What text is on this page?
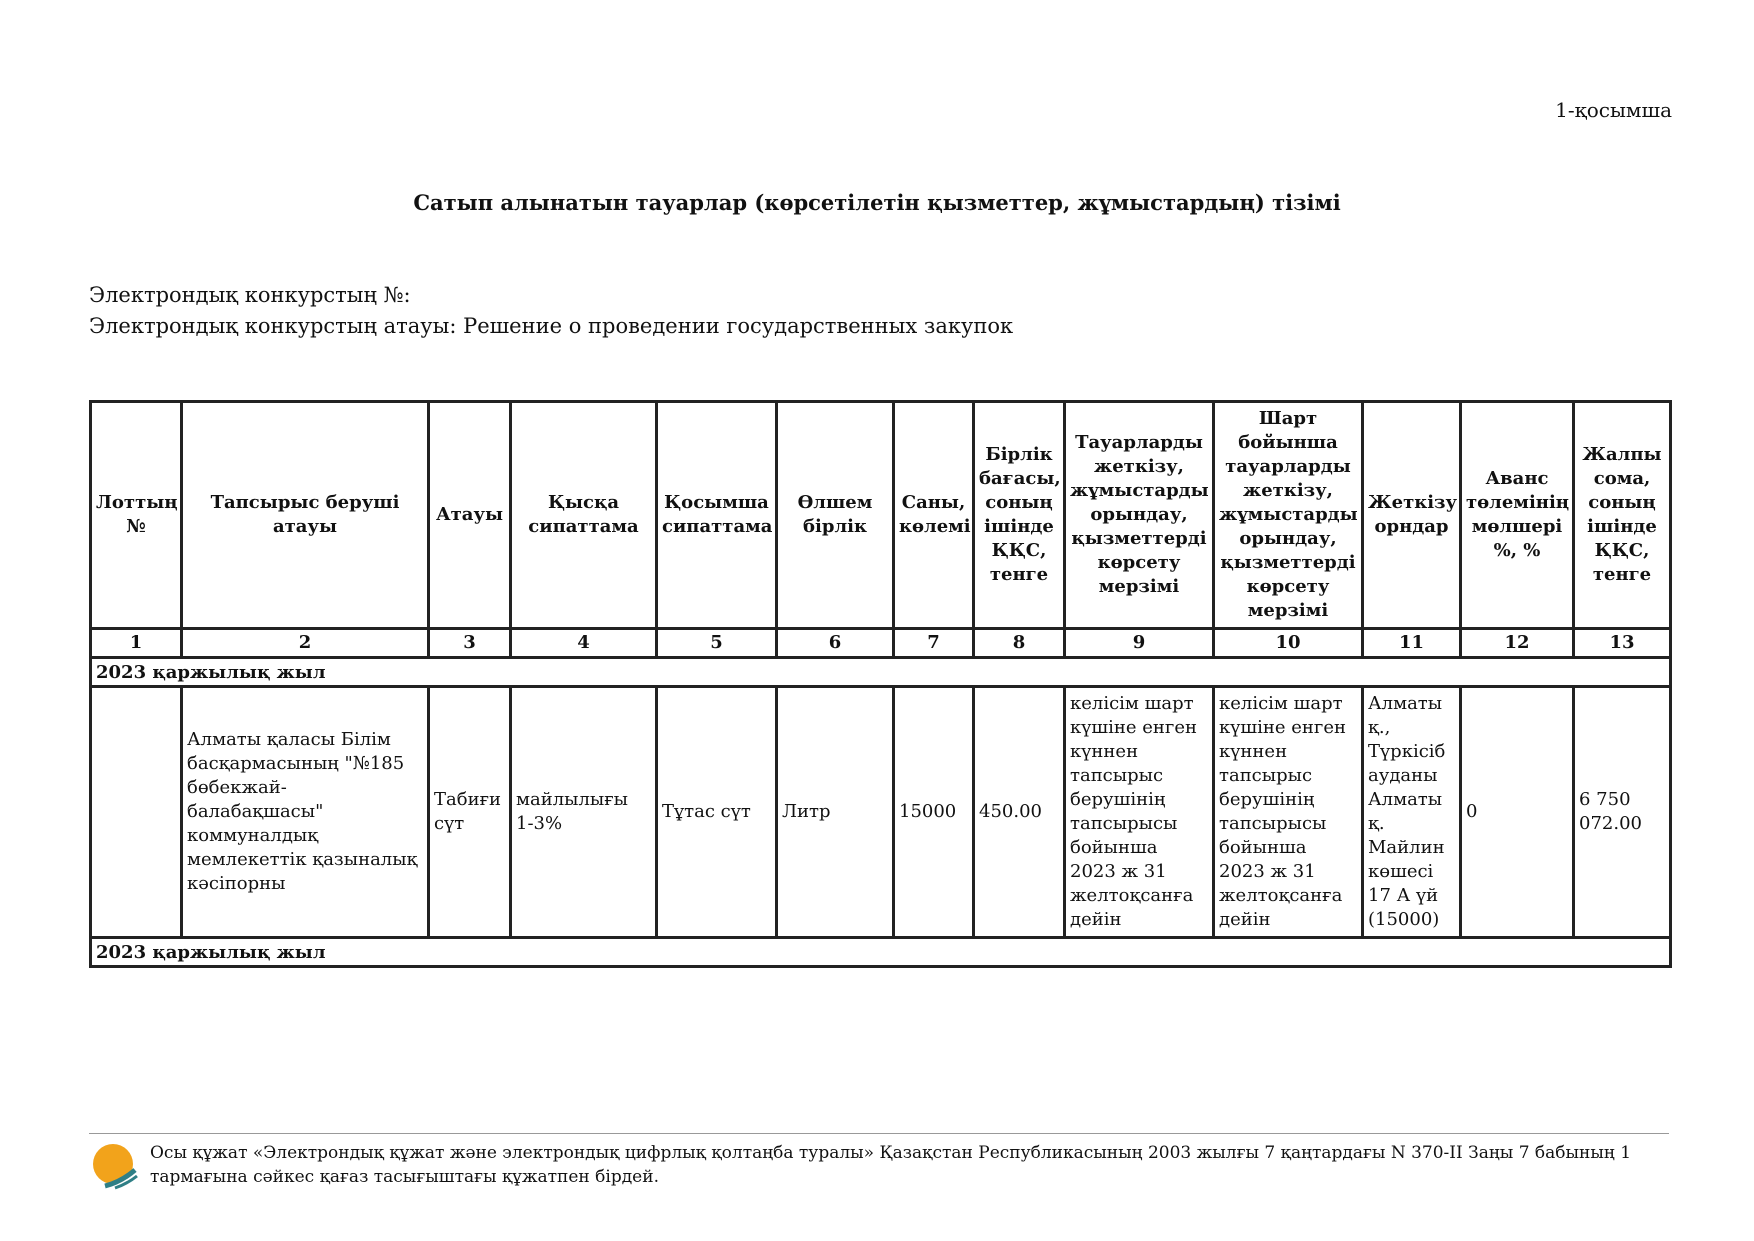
1-қосымша
Сатып алынатын тауарлар (көрсетілетін қызметтер, жұмыстардың) тізімі
Электрондық конкурстың №:
Электрондық конкурстың атауы: Решение о проведении государственных закупок
Лоттың №	Тапсырыс беруші атауы	Атауы	Қысқа сипаттама	Қосымша сипаттама	Өлшем бірлік	Саны, көлемі	Бірлік бағасы, соның ішінде ҚҚС, тенге	Тауарларды жеткізу, жұмыстарды орындау, қызметтерді көрсету мерзімі	Шарт бойынша тауарларды жеткізу, жұмыстарды орындау, қызметтерді көрсету мерзімі	Жеткізу орндар	Аванс төлемінің мөлшері %, %	Жалпы сома, соның ішінде ҚҚС, тенге
1	2	3	4	5	6	7	8	9	10	11	12	13
2023 қаржылық жыл												
	Алматы қаласы Білім басқармасының "№185 бөбекжай-балабақшасы" коммуналдық мемлекеттік қазыналық кәсіпорны	Табиғи сүт	майлылығы 1-3%	Тұтас сүт	Литр	15000	450.00	келісім шарт күшіне енген күннен тапсырыс берушінің тапсырысы бойынша 2023 ж 31 желтоқсанға дейін	келісім шарт күшіне енген күннен тапсырыс берушінің тапсырысы бойынша 2023 ж 31 желтоқсанға дейін	Алматы қ., Түркісіб ауданы Алматы қ. Майлин көшесі 17 А үй (15000)	0	6 750 072.00
2023 қаржылық жыл												
Осы құжат «Электрондық құжат және электрондық цифрлық қолтаңба туралы» Қазақстан Республикасының 2003 жылғы 7 қаңтардағы N 370-II Заңы 7 бабының 1 тармағына сәйкес қағаз тасығыштағы құжатпен бірдей.
